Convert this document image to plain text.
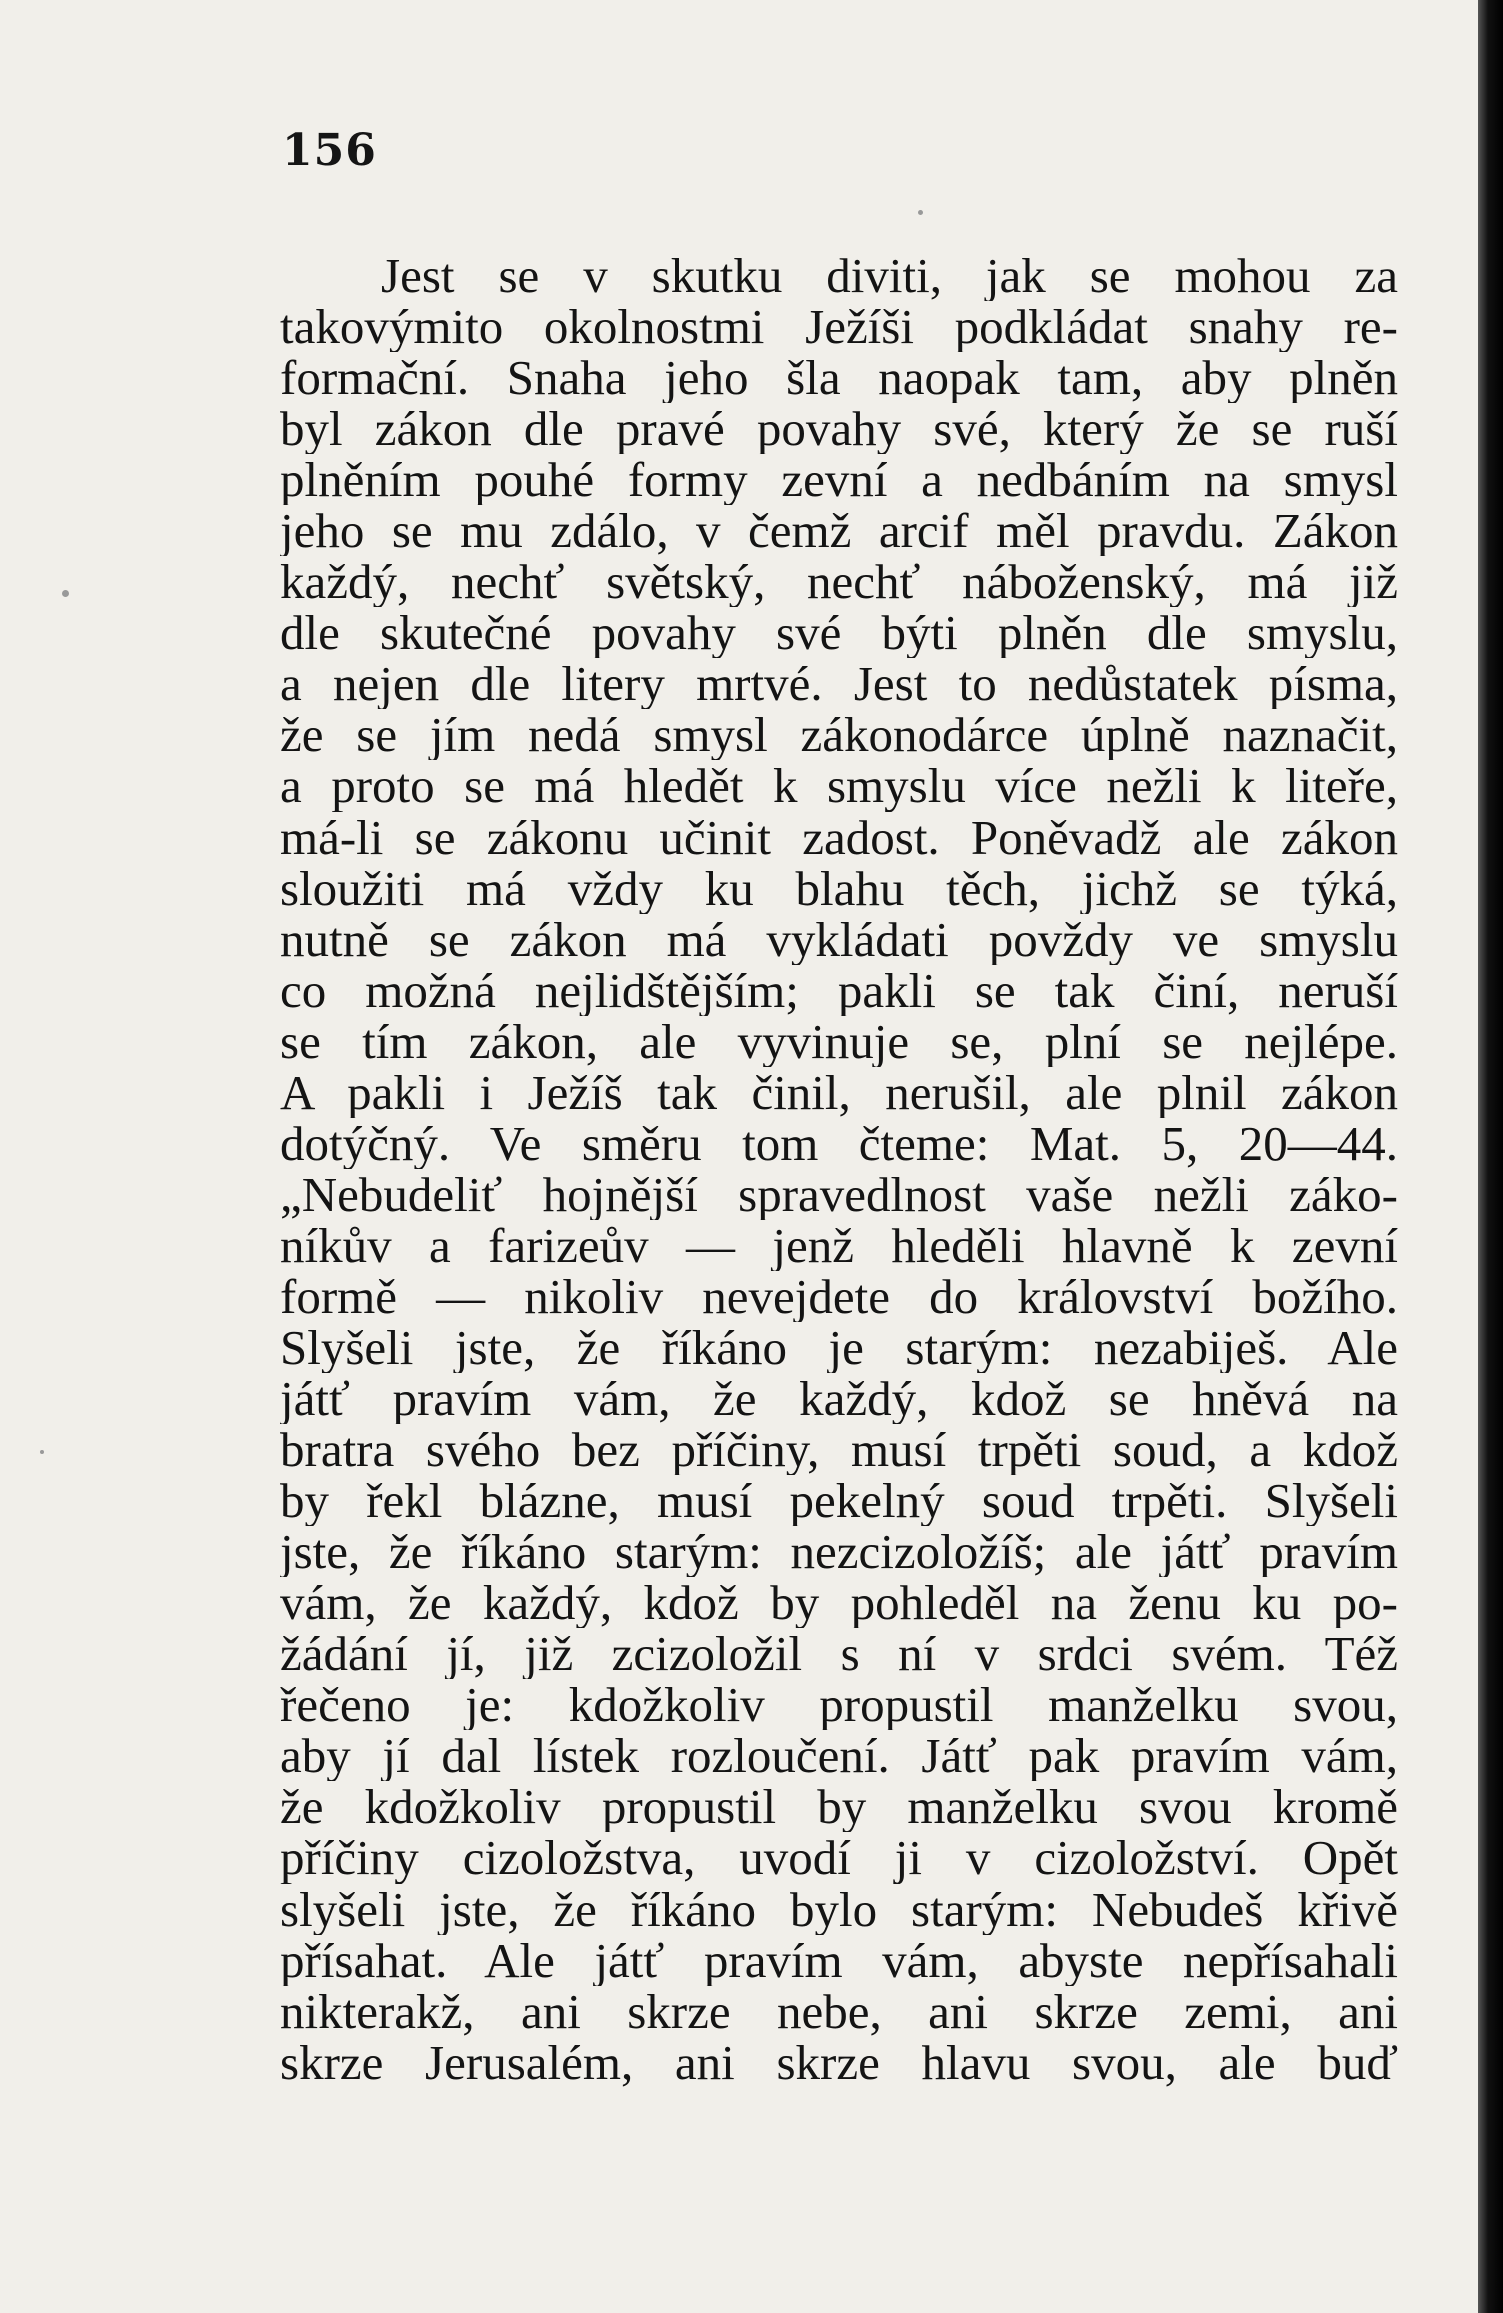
156
Jest se v skutku diviti, jak se mohou za
takovýmito okolnostmi Ježíši podkládat snahy re-
formační. Snaha jeho šla naopak tam, aby plněn
byl zákon dle pravé povahy své, který že se ruší
plněním pouhé formy zevní a nedbáním na smysl
jeho se mu zdálo, v čemž arcif měl pravdu. Zákon
každý, nechť světský, nechť náboženský, má již
dle skutečné povahy své býti plněn dle smyslu,
a nejen dle litery mrtvé. Jest to nedůstatek písma,
že se jím nedá smysl zákonodárce úplně naznačit,
a proto se má hledět k smyslu více nežli k liteře,
má-li se zákonu učinit zadost. Poněvadž ale zákon
sloužiti má vždy ku blahu těch, jichž se týká,
nutně se zákon má vykládati povždy ve smyslu
co možná nejlidštějším; pakli se tak činí, neruší
se tím zákon, ale vyvinuje se, plní se nejlépe.
A pakli i Ježíš tak činil, nerušil, ale plnil zákon
dotýčný. Ve směru tom čteme: Mat. 5, 20—44.
„Nebudeliť hojnější spravedlnost vaše nežli záko-
níkův a farizeův — jenž hleděli hlavně k zevní
formě — nikoliv nevejdete do království božího.
Slyšeli jste, že říkáno je starým: nezabiješ. Ale
játť pravím vám, že každý, kdož se hněvá na
bratra svého bez příčiny, musí trpěti soud, a kdož
by řekl blázne, musí pekelný soud trpěti. Slyšeli
jste, že říkáno starým: nezcizoložíš; ale játť pravím
vám, že každý, kdož by pohleděl na ženu ku po-
žádání jí, již zcizoložil s ní v srdci svém. Též
řečeno je: kdožkoliv propustil manželku svou,
aby jí dal lístek rozloučení. Játť pak pravím vám,
že kdožkoliv propustil by manželku svou kromě
příčiny cizoložstva, uvodí ji v cizoložství. Opět
slyšeli jste, že říkáno bylo starým: Nebudeš křivě
přísahat. Ale játť pravím vám, abyste nepřísahali
nikterakž, ani skrze nebe, ani skrze zemi, ani
skrze Jerusalém, ani skrze hlavu svou, ale buď
